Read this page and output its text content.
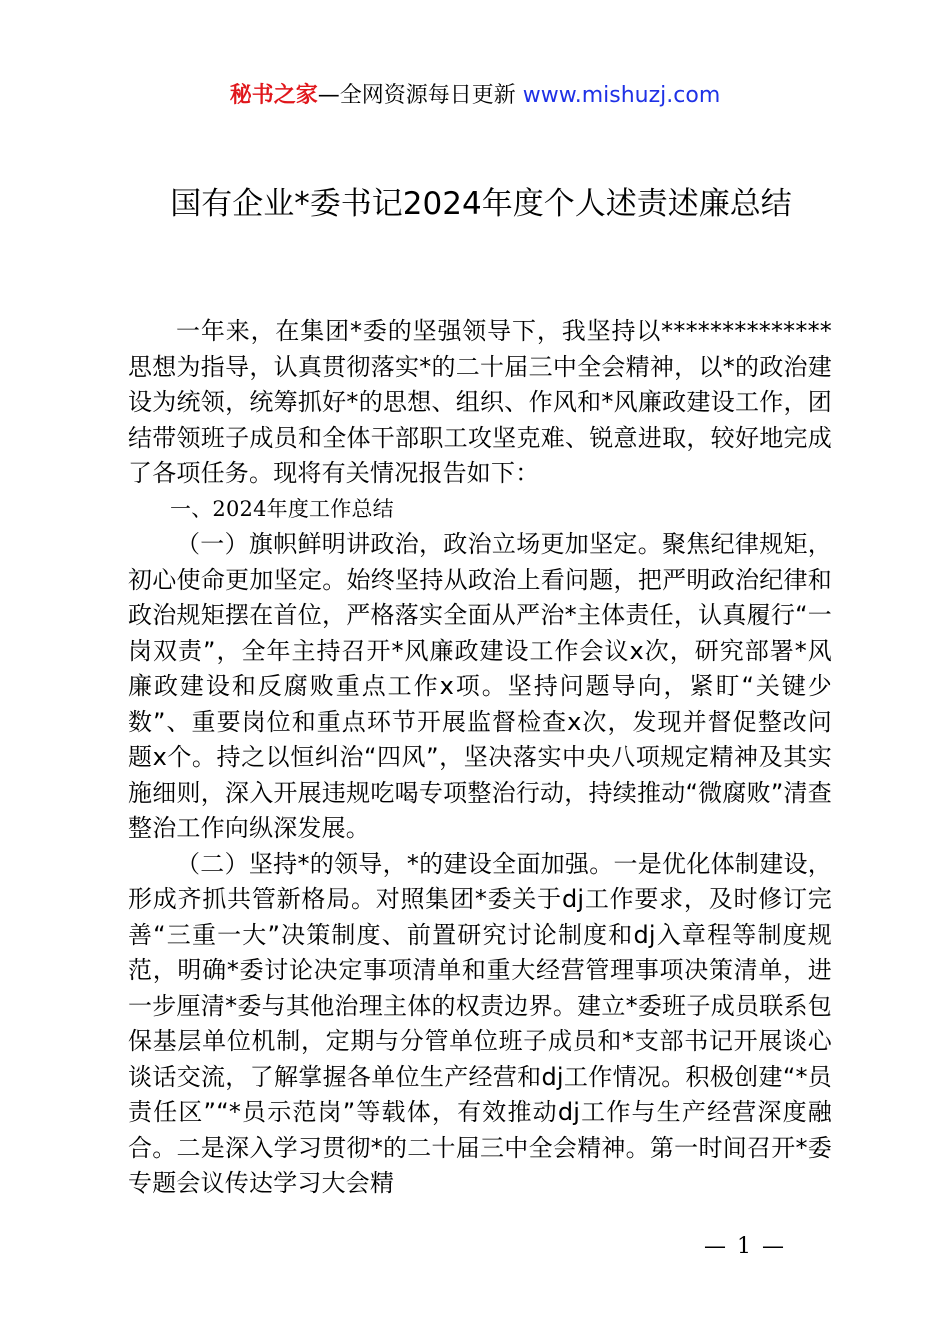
秘书之家—全网资源每日更新 www.mishuzj.com
国有企业*委书记2024年度个人述责述廉总结

一年来，在集团*委的坚强领导下，我坚持以**************思想为指导，认真贯彻落实*的二十届三中全会精神，以*的政治建设为统领，统筹抓好*的思想、组织、作风和*风廉政建设工作，团结带领班子成员和全体干部职工攻坚克难、锐意进取，较好地完成了各项任务。现将有关情况报告如下：

一、2024年度工作总结

（一）旗帜鲜明讲政治，政治立场更加坚定。聚焦纪律规矩，初心使命更加坚定。始终坚持从政治上看问题，把严明政治纪律和政治规矩摆在首位，严格落实全面从严治*主体责任，认真履行“一岗双责”，全年主持召开*风廉政建设工作会议x次，研究部署*风廉政建设和反腐败重点工作x项。坚持问题导向，紧盯“关键少数”、重要岗位和重点环节开展监督检查x次，发现并督促整改问题x个。持之以恒纠治“四风”，坚决落实中央八项规定精神及其实施细则，深入开展违规吃喝专项整治行动，持续推动“微腐败”清查整治工作向纵深发展。

（二）坚持*的领导，*的建设全面加强。一是优化体制建设，形成齐抓共管新格局。对照集团*委关于dj工作要求，及时修订完善“三重一大”决策制度、前置研究讨论制度和dj入章程等制度规范，明确*委讨论决定事项清单和重大经营管理事项决策清单，进一步厘清*委与其他治理主体的权责边界。建立*委班子成员联系包保基层单位机制，定期与分管单位班子成员和*支部书记开展谈心谈话交流，了解掌握各单位生产经营和dj工作情况。积极创建“*员责任区”“*员示范岗”等载体，有效推动dj工作与生产经营深度融合。二是深入学习贯彻*的二十届三中全会精神。第一时间召开*委专题会议传达学习大会精

— 1 —
